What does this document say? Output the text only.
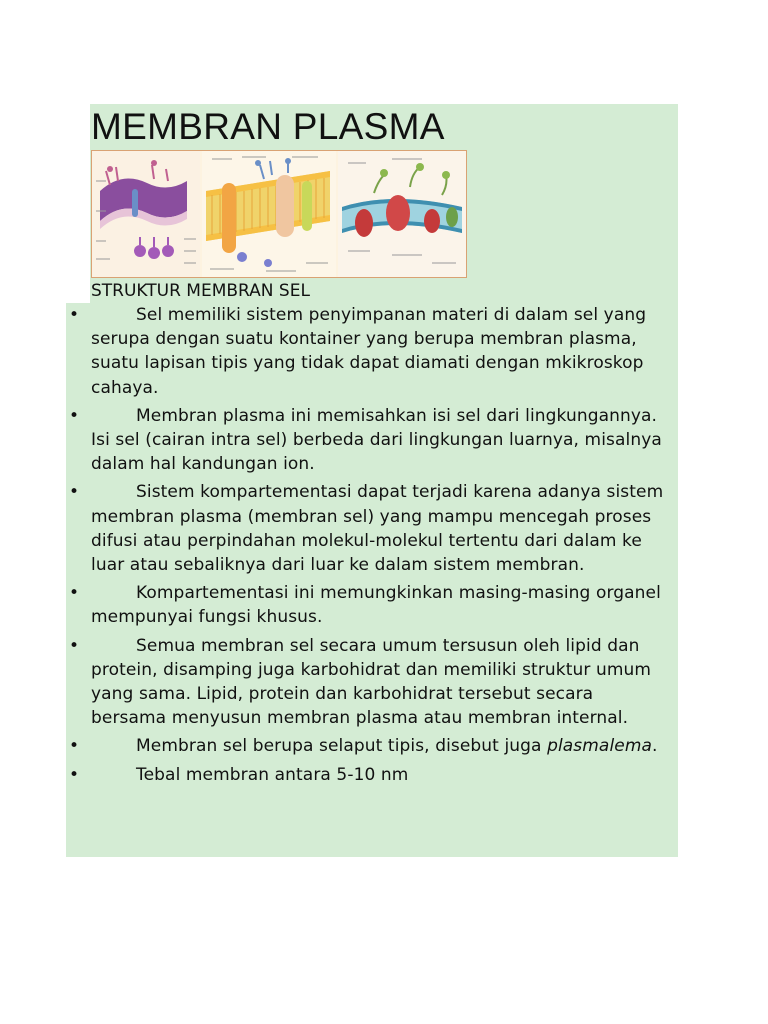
MEMBRAN PLASMA
STRUKTUR MEMBRAN SEL
•	Sel memiliki sistem penyimpanan materi di dalam sel yang serupa dengan suatu kontainer yang berupa membran plasma, suatu lapisan tipis yang tidak dapat diamati dengan mkikroskop cahaya.
•	Membran plasma ini memisahkan isi sel dari lingkungannya. Isi sel (cairan intra sel) berbeda dari lingkungan luarnya, misalnya dalam hal kandungan ion.
•	Sistem kompartementasi dapat terjadi karena adanya sistem membran plasma (membran sel) yang mampu mencegah proses difusi atau perpindahan molekul-molekul tertentu dari dalam ke luar atau sebaliknya dari luar ke dalam sistem membran.
•	Kompartementasi ini memungkinkan masing-masing organel mempunyai fungsi khusus.
•	Semua membran sel secara umum tersusun oleh lipid dan protein, disamping juga karbohidrat dan memiliki struktur umum yang sama. Lipid, protein dan karbohidrat tersebut secara bersama menyusun membran plasma atau membran internal.
•	Membran sel berupa selaput tipis, disebut juga plasmalema.
•	Tebal membran antara 5-10 nm
